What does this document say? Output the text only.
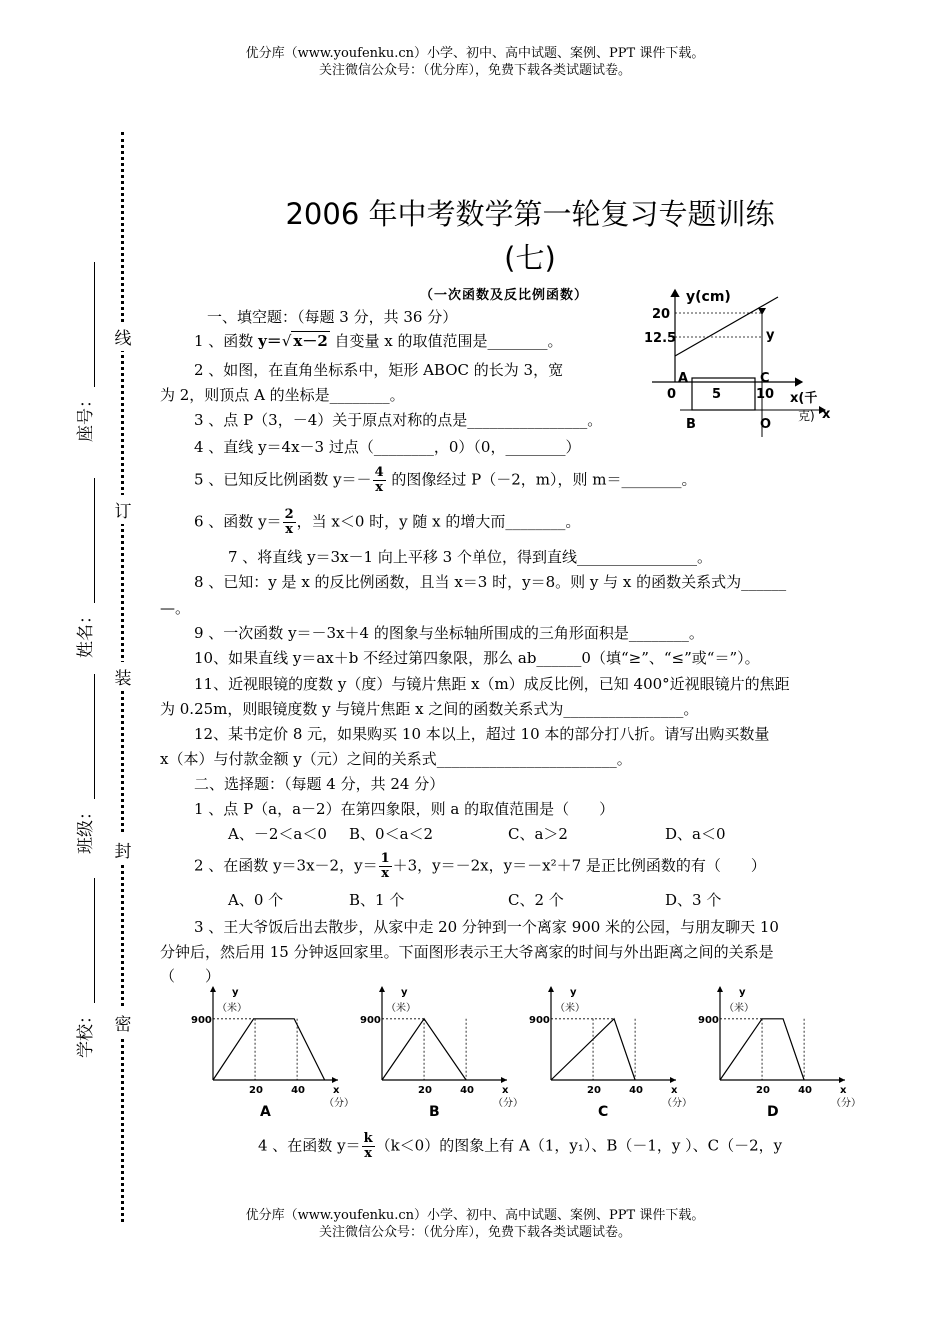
优分库（www.youfenku.cn）小学、初中、高中试题、案例、PPT 课件下载。
关注微信公众号：（优分库），免费下载各类试题试卷。
优分库（www.youfenku.cn）小学、初中、高中试题、案例、PPT 课件下载。
关注微信公众号：（优分库），免费下载各类试题试卷。
线
订
装
封
密
座号：
姓名：
班级：
学校：
2006 年中考数学第一轮复习专题训练
(七)
（一次函数及反比例函数）
一、填空题：（每题 3 分，共 36 分）
1 、函数 y＝√ x－2 自变量 x 的取值范围是________。
2 、如图，在直角坐标系中，矩形 ABOC 的长为 3，宽
为 2，则顶点 A 的坐标是________。
3 、点 P（3，－4）关于原点对称的点是________________。
4 、直线 y＝4x－3 过点（________，0）（0，________）
5 、已知反比例函数 $y=- \frac{4}{x}$ 的图像经过 P（－2，m），则 m＝________。
6 、函数 $y= \frac{2}{x}$ ，当 x＜0 时，y 随 x 的增大而________。
7 、将直线 y＝3x－1 向上平移 3 个单位，得到直线________________。
8 、已知：y 是 x 的反比例函数，且当 x＝3 时，y＝8。则 y 与 x 的函数关系式为______
—。
9 、一次函数 y＝－3x＋4 的图象与坐标轴所围成的三角形面积是________。
10、如果直线 y＝ax＋b 不经过第四象限，那么 ab______0（填“≥”、“≤”或“＝”）。
11、近视眼镜的度数 y（度）与镜片焦距 x（m）成反比例，已知 400°近视眼镜片的焦距
为 0.25m，则眼镜度数 y 与镜片焦距 x 之间的函数关系式为________________。
12、某书定价 8 元，如果购买 10 本以上，超过 10 本的部分打八折。请写出购买数量
x（本）与付款金额 y（元）之间的关系式________________________。
二、选择题：（每题 4 分，共 24 分）
1 、点 P（a，a－2）在第四象限，则 a 的取值范围是（　　）
A、－2＜a＜0 B、0＜a＜2	C、a＞2	D、a＜0
2 、在函数 y＝3x－2，$y= \frac{1}{x} +3$，y＝－2x，y＝－x²＋7 是正比例函数的有（　　）
A、0 个	B、1 个	C、2 个	D、3 个
3 、王大爷饭后出去散步，从家中走 20 分钟到一个离家 900 米的公园，与朋友聊天 10
分钟后，然后用 15 分钟返回家里。下面图形表示王大爷离家的时间与外出距离之间的关系是
（　　）
4 、在函数 $y= \frac{k}{x} (k<0)$的图象上有 A（1，y₁）、B（－1，y ）、C（－2，y
y(cm)
20
12.5	y
A	C
0	5	10 x(千
克) x
B	O
y
（米）
900
20	40	x
（分）
A
y
（米）
900
20	40	x
（分）
B
y
（米）
900
20	40	x
（分）
C
y
（米）
900
20	40	x
（分）
D
